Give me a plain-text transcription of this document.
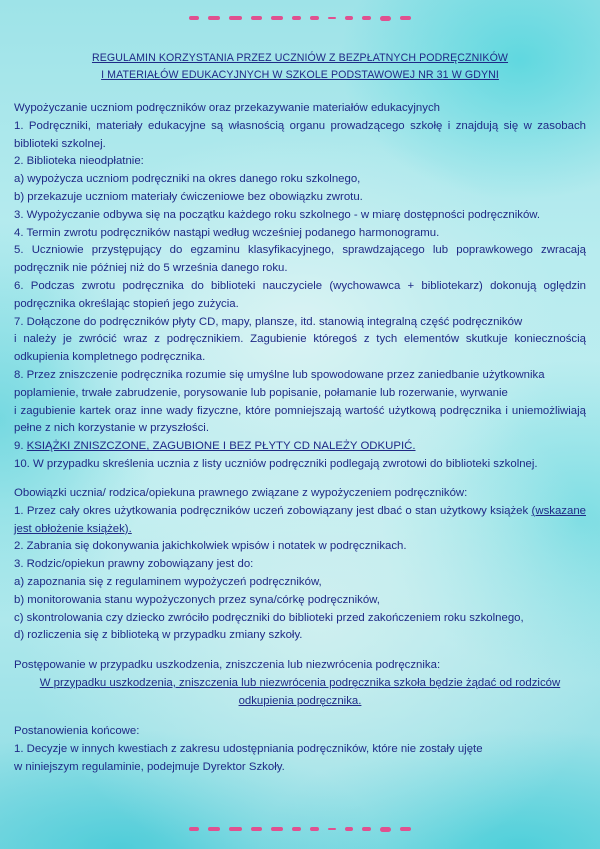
REGULAMIN KORZYSTANIA PRZEZ UCZNIÓW Z BEZPŁATNYCH PODRĘCZNIKÓW
I MATERIAŁÓW EDUKACYJNYCH W SZKOLE PODSTAWOWEJ NR 31 W GDYNI

Wypożyczanie uczniom podręczników oraz przekazywanie materiałów edukacyjnych

1. Podręczniki, materiały edukacyjne są własnością organu prowadzącego szkołę i znajdują się w zasobach biblioteki szkolnej.

2. Biblioteka nieodpłatnie:

a) wypożycza uczniom podręczniki na okres danego roku szkolnego,

b) przekazuje uczniom materiały ćwiczeniowe bez obowiązku zwrotu.

3. Wypożyczanie odbywa się na początku każdego roku szkolnego - w miarę dostępności podręczników.

4. Termin zwrotu podręczników nastąpi według wcześniej podanego harmonogramu.

5. Uczniowie przystępujący do egzaminu klasyfikacyjnego, sprawdzającego lub poprawkowego zwracają podręcznik nie później niż do 5 września danego roku.

6. Podczas zwrotu podręcznika do biblioteki nauczyciele (wychowawca + bibliotekarz) dokonują oględzin podręcznika określając stopień jego zużycia.

7. Dołączone do podręczników płyty CD, mapy, plansze, itd. stanowią integralną część podręczników

i należy je zwrócić wraz z podręcznikiem. Zagubienie któregoś z tych elementów skutkuje koniecznością odkupienia kompletnego podręcznika.

8. Przez zniszczenie podręcznika rozumie się umyślne lub spowodowane przez zaniedbanie użytkownika

poplamienie, trwałe zabrudzenie, porysowanie lub popisanie, połamanie lub rozerwanie, wyrwanie

i zagubienie kartek oraz inne wady fizyczne, które pomniejszają wartość użytkową podręcznika i uniemożliwiają pełne z nich korzystanie w przyszłości.

9. KSIĄŻKI ZNISZCZONE, ZAGUBIONE I BEZ PŁYTY CD NALEŻY ODKUPIĆ.

10. W przypadku skreślenia ucznia z listy uczniów podręczniki podlegają zwrotowi do biblioteki szkolnej.

Obowiązki ucznia/ rodzica/opiekuna prawnego związane z wypożyczeniem podręczników:

1. Przez cały okres użytkowania podręczników uczeń zobowiązany jest dbać o stan użytkowy książek (wskazane jest obłożenie książek).

2. Zabrania się dokonywania jakichkolwiek wpisów i notatek w podręcznikach.

3. Rodzic/opiekun prawny zobowiązany jest do:

a) zapoznania się z regulaminem wypożyczeń podręczników,

b) monitorowania stanu wypożyczonych przez syna/córkę podręczników,

c) skontrolowania czy dziecko zwróciło podręczniki do biblioteki przed zakończeniem roku szkolnego,

d) rozliczenia się z biblioteką w przypadku zmiany szkoły.

Postępowanie w przypadku uszkodzenia, zniszczenia lub niezwrócenia podręcznika:

W przypadku uszkodzenia, zniszczenia lub niezwrócenia podręcznika szkoła będzie żądać od rodziców

odkupienia podręcznika.

Postanowienia końcowe:

1. Decyzje w innych kwestiach z zakresu udostępniania podręczników, które nie zostały ujęte

w niniejszym regulaminie, podejmuje Dyrektor Szkoły.
